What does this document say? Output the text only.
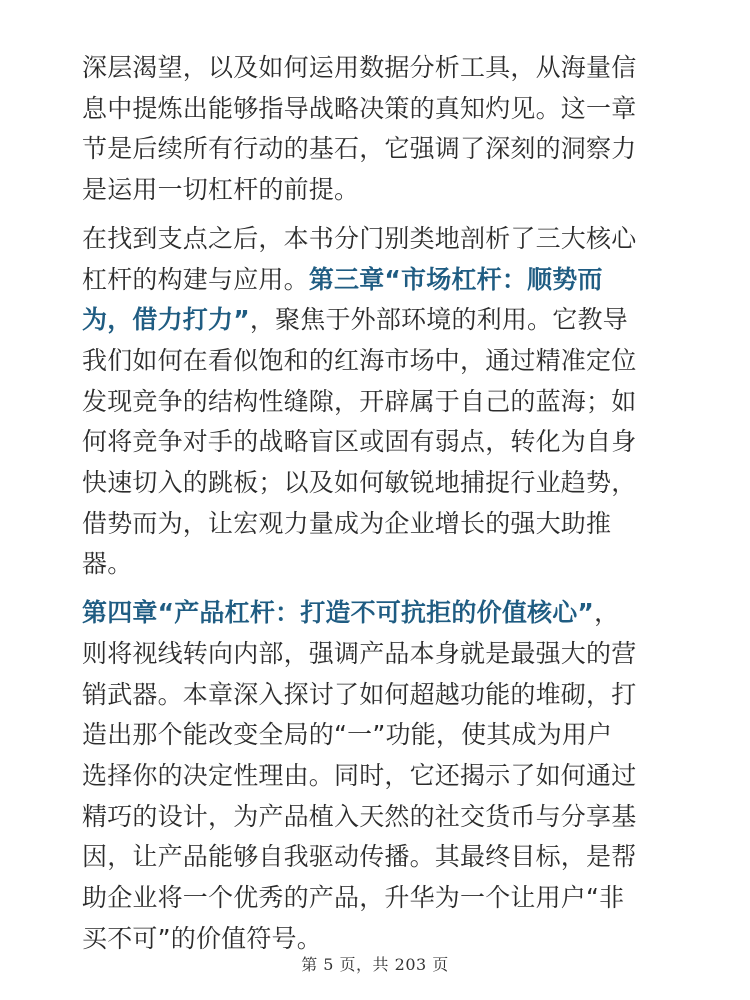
深层渴望，以及如何运用数据分析工具，从海量信
息中提炼出能够指导战略决策的真知灼见。这一章
节是后续所有行动的基石，它强调了深刻的洞察力
是运用一切杠杆的前提。

在找到支点之后，本书分门别类地剖析了三大核心
杠杆的构建与应用。第三章“市场杠杆：顺势而
为，借力打力”，聚焦于外部环境的利用。它教导
我们如何在看似饱和的红海市场中，通过精准定位
发现竞争的结构性缝隙，开辟属于自己的蓝海；如
何将竞争对手的战略盲区或固有弱点，转化为自身
快速切入的跳板；以及如何敏锐地捕捉行业趋势，
借势而为，让宏观力量成为企业增长的强大助推
器。

第四章“产品杠杆：打造不可抗拒的价值核心”，
则将视线转向内部，强调产品本身就是最强大的营
销武器。本章深入探讨了如何超越功能的堆砌，打
造出那个能改变全局的“一”功能，使其成为用户
选择你的决定性理由。同时，它还揭示了如何通过
精巧的设计，为产品植入天然的社交货币与分享基
因，让产品能够自我驱动传播。其最终目标，是帮
助企业将一个优秀的产品，升华为一个让用户“非
买不可”的价值符号。

第 5 页，共 203 页
